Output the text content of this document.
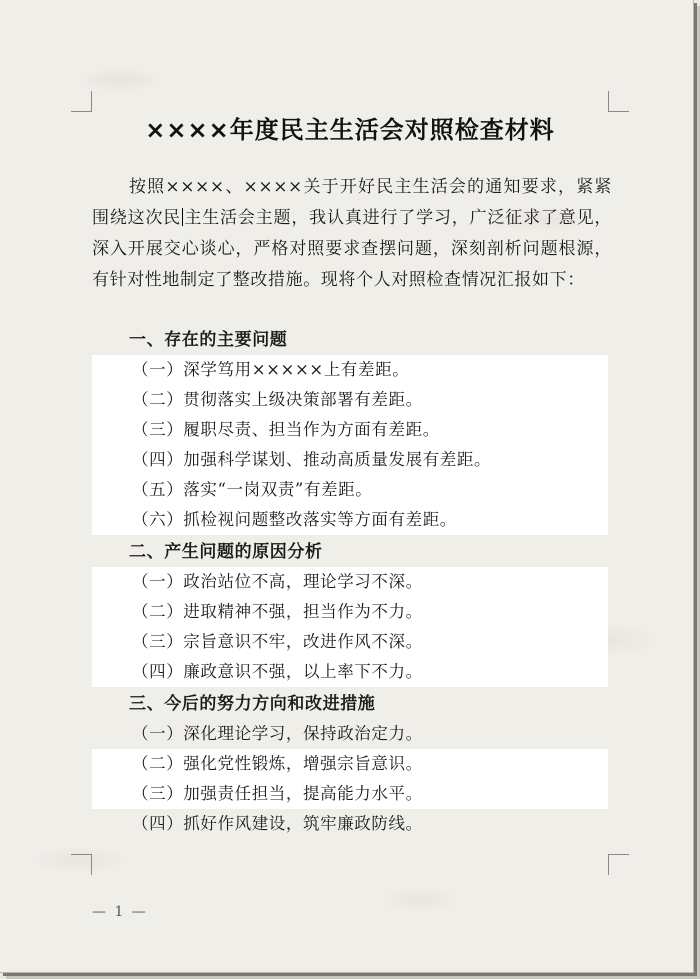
××××年度民主生活会对照检查材料
按照××××、××××关于开好民主生活会的通知要求，紧紧围绕这次民 主生活会主题，我认真进行了学习，广泛征求了意见，深入开展交心谈心，严格对照要求查摆问题，深刻剖析问题根源，有针对性地制定了整改措施。现将个人对照检查情况汇报如下：
一、存在的主要问题
（一）深学笃用×××××上有差距。
（二）贯彻落实上级决策部署有差距。
（三）履职尽责、担当作为方面有差距。
（四）加强科学谋划、推动高质量发展有差距。
（五）落实“一岗双责”有差距。
（六）抓检视问题整改落实等方面有差距。
二、产生问题的原因分析
（一）政治站位不高，理论学习不深。
（二）进取精神不强，担当作为不力。
（三）宗旨意识不牢，改进作风不深。
（四）廉政意识不强，以上率下不力。
三、今后的努力方向和改进措施
（一）深化理论学习，保持政治定力。
（二）强化党性锻炼，增强宗旨意识。
（三）加强责任担当，提高能力水平。
（四）抓好作风建设，筑牢廉政防线。
— 1 —
